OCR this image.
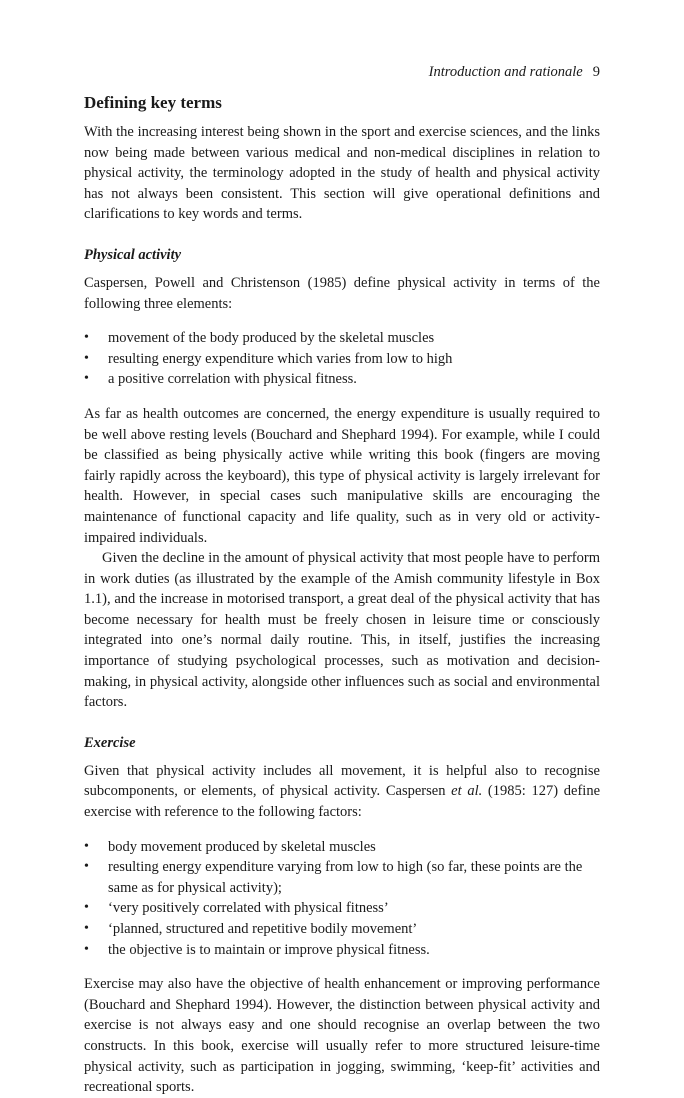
Introduction and rationale 9
Defining key terms

With the increasing interest being shown in the sport and exercise sciences, and the links now being made between various medical and non-medical disciplines in relation to physical activity, the terminology adopted in the study of health and physical activity has not always been consistent. This section will give operational definitions and clarifications to key words and terms.

Physical activity

Caspersen, Powell and Christenson (1985) define physical activity in terms of the following three elements:

• movement of the body produced by the skeletal muscles
• resulting energy expenditure which varies from low to high
• a positive correlation with physical fitness.

As far as health outcomes are concerned, the energy expenditure is usually required to be well above resting levels (Bouchard and Shephard 1994). For example, while I could be classified as being physically active while writing this book (fingers are moving fairly rapidly across the keyboard), this type of physical activity is largely irrelevant for health. However, in special cases such manipulative skills are encouraging the maintenance of functional capacity and life quality, such as in very old or activity-impaired individuals.

Given the decline in the amount of physical activity that most people have to perform in work duties (as illustrated by the example of the Amish community lifestyle in Box 1.1), and the increase in motorised transport, a great deal of the physical activity that has become necessary for health must be freely chosen in leisure time or consciously integrated into one’s normal daily routine. This, in itself, justifies the increasing importance of studying psychological processes, such as motivation and decision-making, in physical activity, alongside other influences such as social and environmental factors.

Exercise

Given that physical activity includes all movement, it is helpful also to recognise subcomponents, or elements, of physical activity. Caspersen et al. (1985: 127) define exercise with reference to the following factors:

• body movement produced by skeletal muscles
• resulting energy expenditure varying from low to high (so far, these points are the same as for physical activity);
• ‘very positively correlated with physical fitness’
• ‘planned, structured and repetitive bodily movement’
• the objective is to maintain or improve physical fitness.

Exercise may also have the objective of health enhancement or improving performance (Bouchard and Shephard 1994). However, the distinction between physical activity and exercise is not always easy and one should recognise an overlap between the two constructs. In this book, exercise will usually refer to more structured leisure-time physical activity, such as participation in jogging, swimming, ‘keep-fit’ activities and recreational sports.
